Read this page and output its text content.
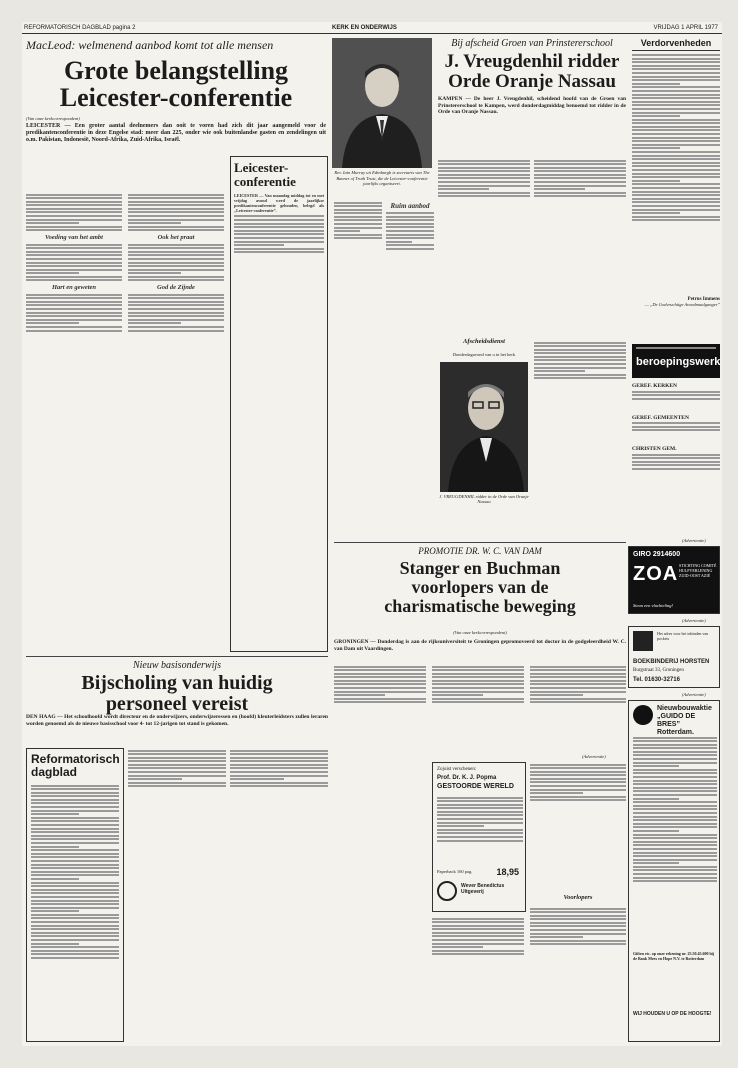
REFORMATORISCH DAGBLAD pagina 2	KERK EN ONDERWIJS	VRIJDAG 1 APRIL 1977
MacLeod: welmenend aanbod komt tot alle mensen
Grote belangstelling
Leicester-conferentie
(Van onze kerkcorrespondent)
LEICESTER — Een groter aantal deelnemers dan ooit te voren had zich dit jaar aangemeld voor de predikantenconferentie in deze Engelse stad: meer dan 225, onder wie ook buitenlandse gasten en zendelingen uit o.m. Pakistan, Indonesië, Noord-Afrika, Zuid-Afrika, Israël.
Voeding van het ambt
Hart en geweten
Ook het praat
God de Zijnde
Leicester-
conferentie
LEICESTER — Van maandag middag tot en met vrijdag avond werd de jaarlijkse predikantenconferentie gehouden, belegd als „Leicester-conferentie”.
Rev. Iain Murray uit Edinburgh is secretaris van The Banner of Truth Trust, die de Leicester-conferentie jaarlijks organiseert.
Ruim aanbod
Bij afscheid Groen van Prinstererschool
J. Vreugdenhil ridder
Orde Oranje Nassau
KAMPEN — De heer J. Vreugdenhil, scheidend hoofd van de Groen van Prinstererschool te Kampen, werd donderdagmiddag benoemd tot ridder in de Orde van Oranje Nassau.
Afscheidsdienst
Donderdagavond van u in het kerk
J. VREUGDENHIL ridder in de Orde van Oranje Nassau
PROMOTIE DR. W. C. VAN DAM
Stanger en Buchman
voorlopers van de
charismatische beweging
(Van onze kerkcorrespondent)
GRONINGEN — Donderdag is aan de rijksuniversiteit te Groningen gepromoveerd tot doctor in de godgeleerdheid W. C. van Dam uit Vaardingen.
(Advertentie)
Zojuist verschenen:
Prof. Dr. K. J. Popma
GESTOORDE WERELD
Paperback 160 pag.	18,95
Wever Benedictus Uitgeverij
Voorlopers
Nieuw basisonderwijs
Bijscholing van huidig
personeel vereist
DEN HAAG — Het schoolhoofd wordt directeur en de onderwijzers, onderwijzeressen en (hoofd) kleuterleidsters zullen leraren worden genoemd als de nieuwe basisschool voor 4- tot 12-jarigen tot stand is gekomen.
Reformatorisch
dagblad
Verdorvenheden
Petrus Immens
— „De Godvruchtige Avondmaalganger”
beroepingswerk
GEREF. KERKEN
GEREF. GEMEENTEN
CHRISTEN GEM.
(Advertentie)
(Advertentie)
Het adres voor het inbinden van pockets
BOEKBINDERIJ HORSTEN
Burgstraat 33, Groningen
Tel. 01630-32716
(Advertentie)
Nieuwbouwaktie
„GUIDO DE BRES”
Rotterdam.
Giften etc. op onze rekening nr. 25.50.45.600 bij de Bank Mees en Hope N.V. te Rotterdam
WIJ HOUDEN U OP DE HOOGTE!
GIRO 2914600
ZOA STICHTING COMITÉ HULPVERLENING ZUID-OOST AZIË
Steun een vluchteling!
